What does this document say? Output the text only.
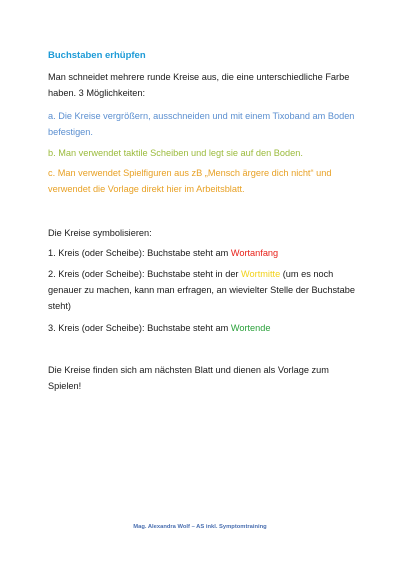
Buchstaben erhüpfen

Man schneidet mehrere runde Kreise aus, die eine unterschiedliche Farbe haben. 3 Möglichkeiten:

a. Die Kreise vergrößern, ausschneiden und mit einem Tixoband am Boden befestigen.

b. Man verwendet taktile Scheiben und legt sie auf den Boden.

c. Man verwendet Spielfiguren aus zB „Mensch ärgere dich nicht“ und verwendet die Vorlage direkt hier im Arbeitsblatt.

Die Kreise symbolisieren:

1. Kreis (oder Scheibe): Buchstabe steht am Wortanfang

2. Kreis (oder Scheibe): Buchstabe steht in der Wortmitte (um es noch genauer zu machen, kann man erfragen, an wievielter Stelle der Buchstabe steht)

3. Kreis (oder Scheibe): Buchstabe steht am Wortende

Die Kreise finden sich am nächsten Blatt und dienen als Vorlage zum Spielen!

Mag. Alexandra Wolf – AS inkl. Symptomtraining
